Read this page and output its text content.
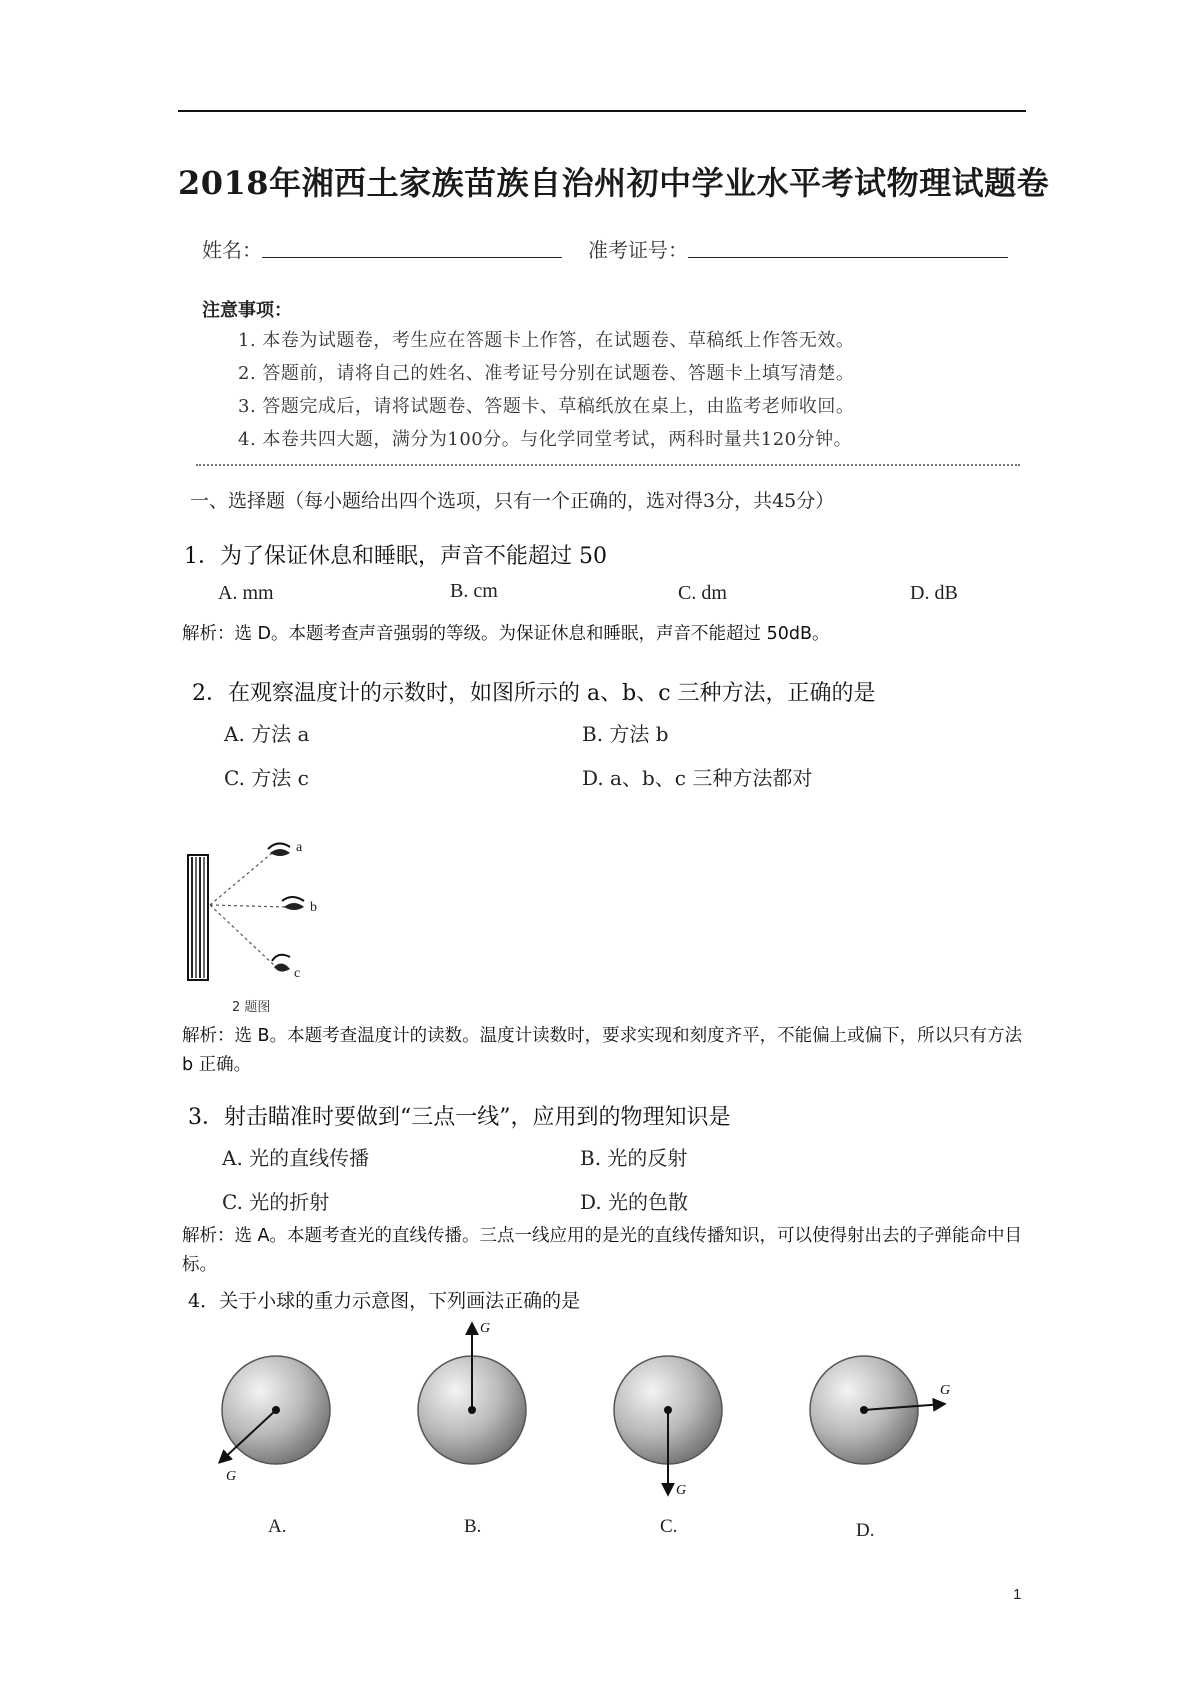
2018年湘西土家族苗族自治州初中学业水平考试物理试题卷
姓名：	准考证号：
注意事项：
1. 本卷为试题卷，考生应在答题卡上作答，在试题卷、草稿纸上作答无效。
2. 答题前，请将自己的姓名、准考证号分别在试题卷、答题卡上填写清楚。
3. 答题完成后，请将试题卷、答题卡、草稿纸放在桌上，由监考老师收回。
4. 本卷共四大题，满分为100分。与化学同堂考试，两科时量共120分钟。
一、选择题（每小题给出四个选项，只有一个正确的，选对得3分，共45分）
1．为了保证休息和睡眠，声音不能超过 50
A. mm	B. cm	C. dm	D. dB
解析：选 D。本题考查声音强弱的等级。为保证休息和睡眠，声音不能超过 50dB。
2．在观察温度计的示数时，如图所示的 a、b、c 三种方法，正确的是
A. 方法 a	B. 方法 b
C. 方法 c	D. a、b、c 三种方法都对
a
b
c
2 题图
解析：选 B。本题考查温度计的读数。温度计读数时，要求实现和刻度齐平，不能偏上或偏下，所以只有方法 b 正确。
3．射击瞄准时要做到“三点一线”，应用到的物理知识是
A. 光的直线传播	B. 光的反射
C. 光的折射	D. 光的色散
解析：选 A。本题考查光的直线传播。三点一线应用的是光的直线传播知识，可以使得射出去的子弹能命中目标。
4．关于小球的重力示意图，下列画法正确的是
G
G
G
G
A.	B.	C.	D.
1
